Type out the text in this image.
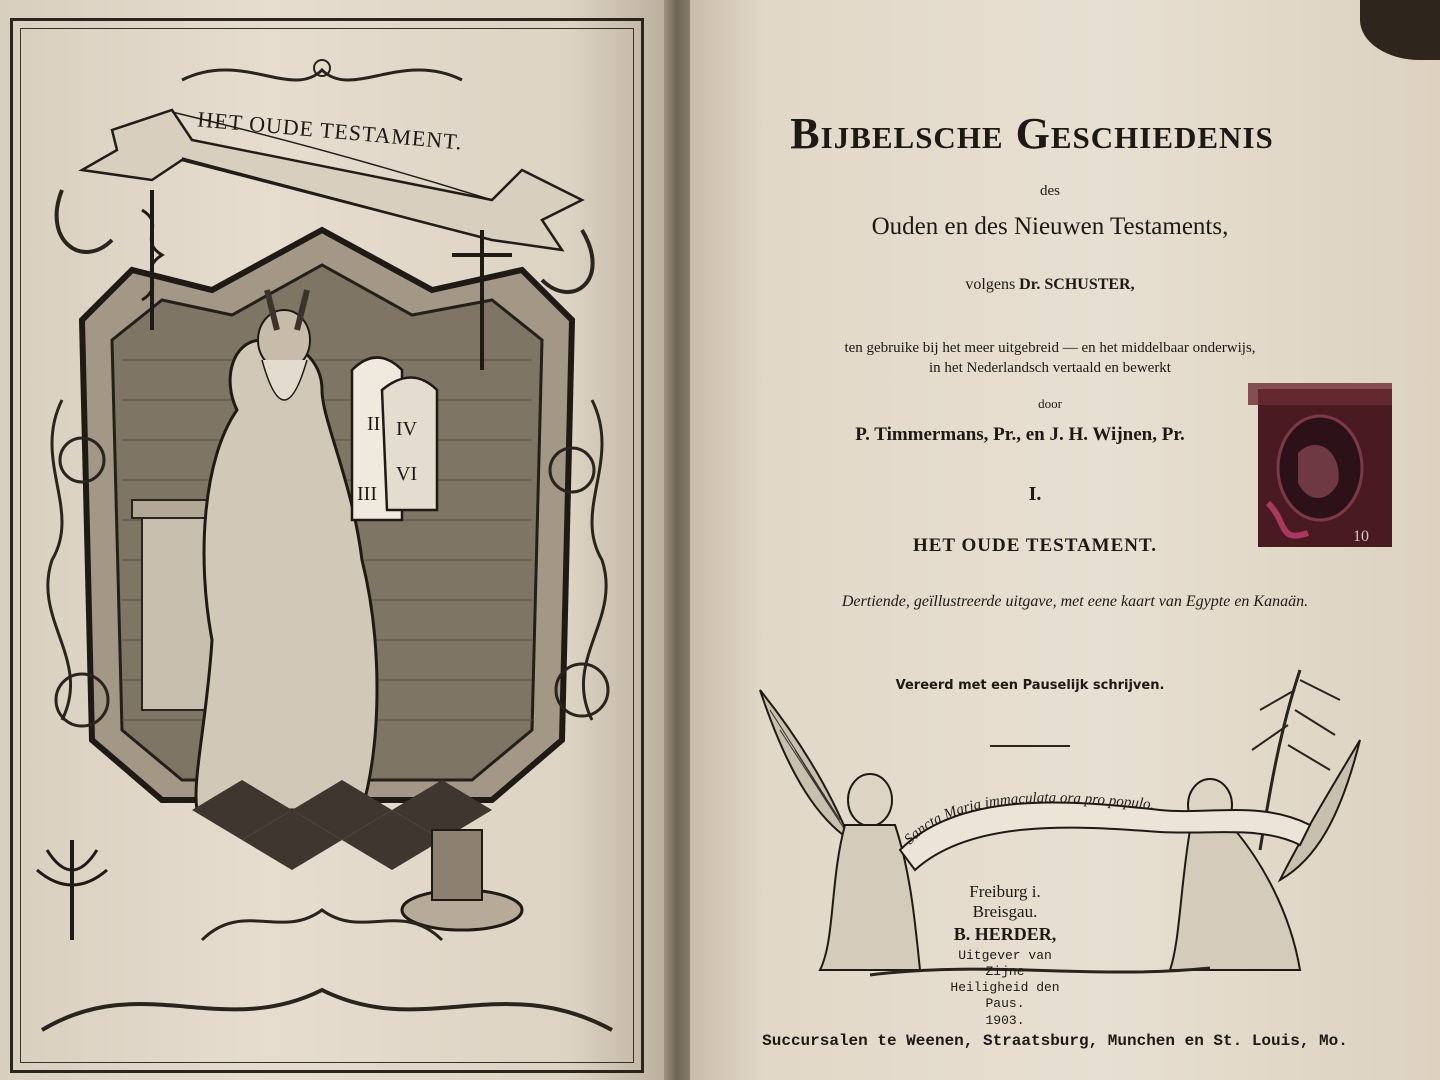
II IV
VI
III
HET OUDE TESTAMENT.	Bijbelsche Geschiedenis
des
Ouden en des Nieuwen Testaments,
volgens Dr. SCHUSTER,
ten gebruike bij het meer uitgebreid — en het middelbaar onderwijs,
in het Nederlandsch vertaald en bewerkt
door
P. Timmermans, Pr., en J. H. Wijnen, Pr.
I.
HET OUDE TESTAMENT.
Dertiende, geïllustreerde uitgave, met eene kaart van Egypte en Kanaän.
Vereerd met een Pauselijk schrijven.
Succursalen te Weenen, Straatsburg, Munchen en St. Louis, Mo.
Sancta Maria immaculata ora pro populo.
Freiburg i. Breisgau.
B. HERDER,
Uitgever van Zijne Heiligheid den Paus.
1903.
10
